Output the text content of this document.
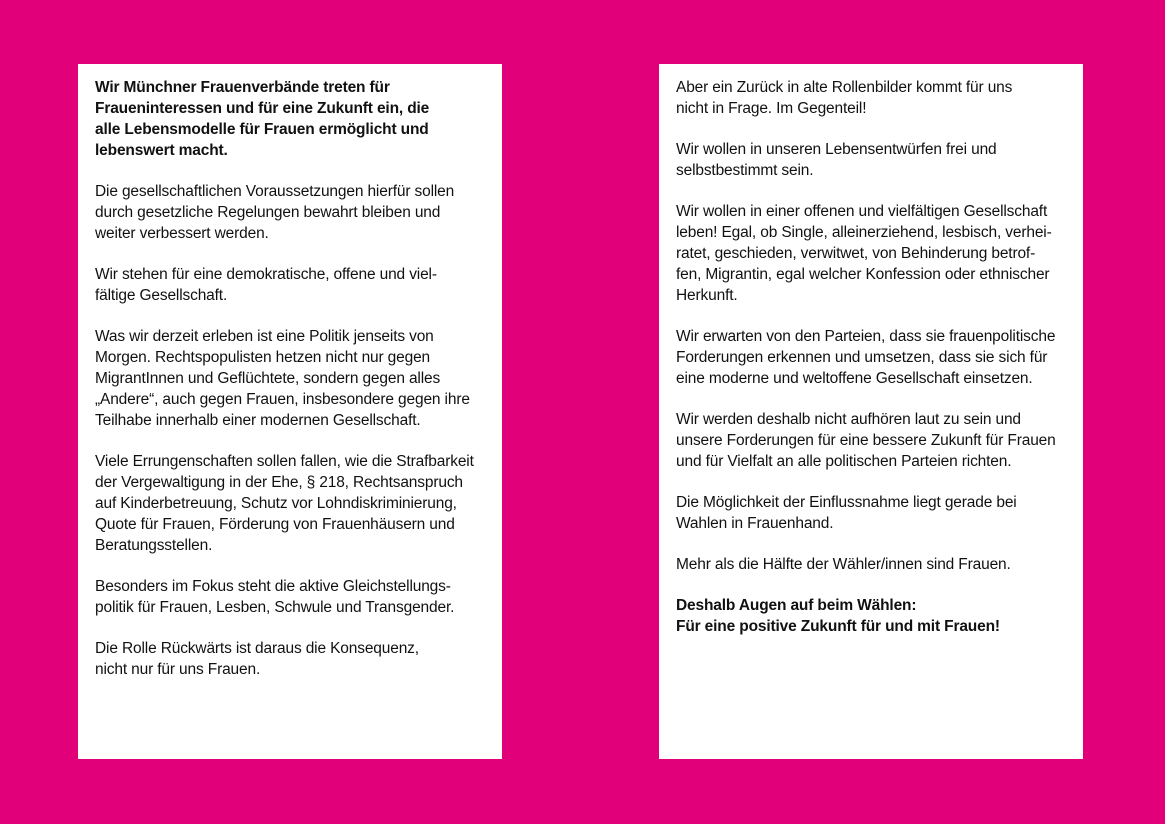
Wir Münchner Frauenverbände treten für
Fraueninteressen und für eine Zukunft ein, die
alle Lebensmodelle für Frauen ermöglicht und
lebenswert macht.
Die gesellschaftlichen Voraussetzungen hierfür sollen
durch gesetzliche Regelungen bewahrt bleiben und
weiter verbessert werden.
Wir stehen für eine demokratische, offene und viel-
fältige Gesellschaft.
Was wir derzeit erleben ist eine Politik jenseits von
Morgen. Rechtspopulisten hetzen nicht nur gegen
MigrantInnen und Geflüchtete, sondern gegen alles
„Andere“, auch gegen Frauen, insbesondere gegen ihre
Teilhabe innerhalb einer modernen Gesellschaft.
Viele Errungenschaften sollen fallen, wie die Strafbarkeit
der Vergewaltigung in der Ehe, § 218, Rechtsanspruch
auf Kinderbetreuung, Schutz vor Lohndiskriminierung,
Quote für Frauen, Förderung von Frauenhäusern und
Beratungsstellen.
Besonders im Fokus steht die aktive Gleichstellungs-
politik für Frauen, Lesben, Schwule und Transgender.
Die Rolle Rückwärts ist daraus die Konsequenz,
nicht nur für uns Frauen.
Aber ein Zurück in alte Rollenbilder kommt für uns
nicht in Frage. Im Gegenteil!
Wir wollen in unseren Lebensentwürfen frei und
selbstbestimmt sein.
Wir wollen in einer offenen und vielfältigen Gesellschaft
leben! Egal, ob Single, alleinerziehend, lesbisch, verhei-
ratet, geschieden, verwitwet, von Behinderung betrof-
fen, Migrantin, egal welcher Konfession oder ethnischer
Herkunft.
Wir erwarten von den Parteien, dass sie frauenpolitische
Forderungen erkennen und umsetzen, dass sie sich für
eine moderne und weltoffene Gesellschaft einsetzen.
Wir werden deshalb nicht aufhören laut zu sein und
unsere Forderungen für eine bessere Zukunft für Frauen
und für Vielfalt an alle politischen Parteien richten.
Die Möglichkeit der Einflussnahme liegt gerade bei
Wahlen in Frauenhand.
Mehr als die Hälfte der Wähler/innen sind Frauen.
Deshalb Augen auf beim Wählen:
Für eine positive Zukunft für und mit Frauen!
